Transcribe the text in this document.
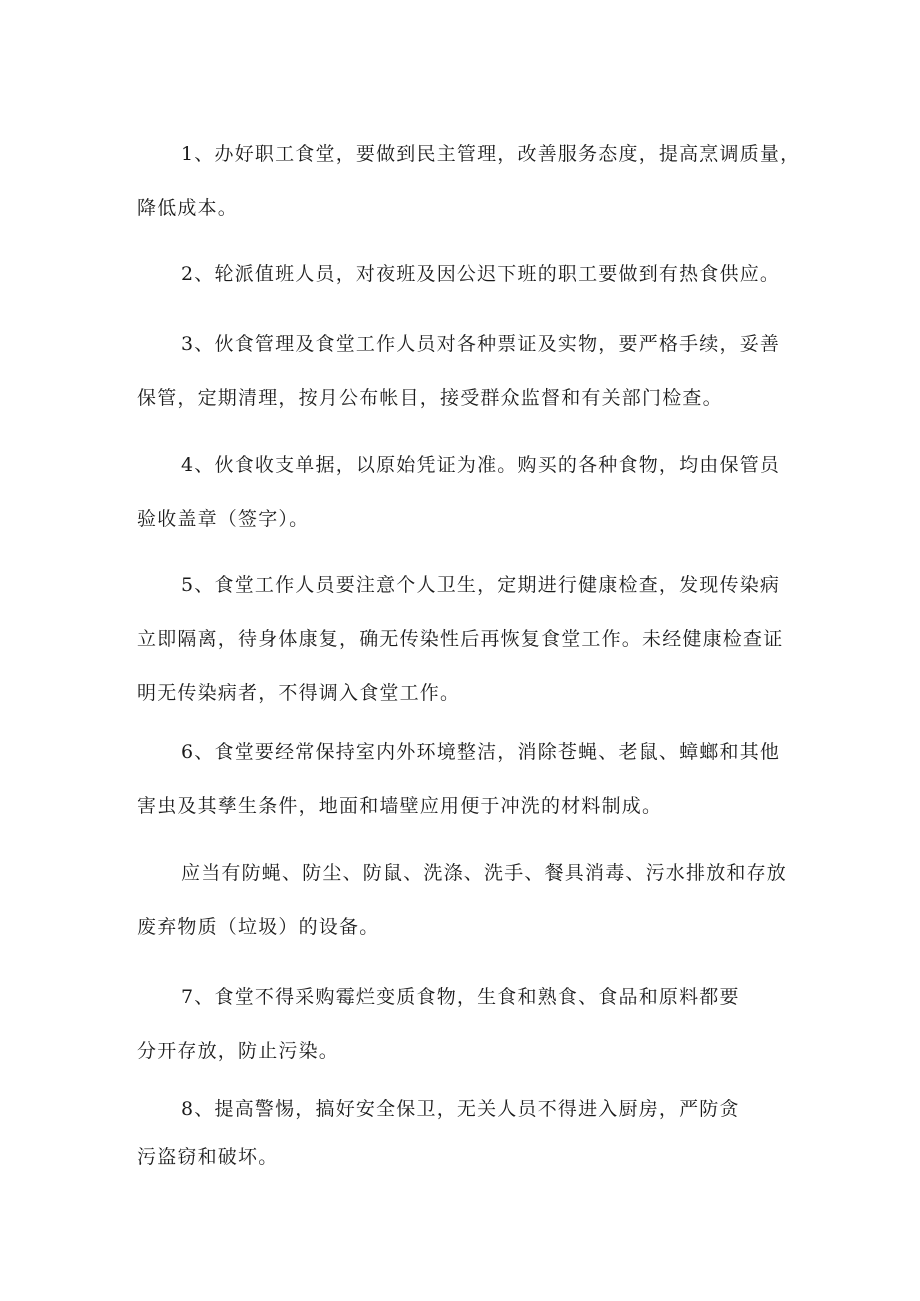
1、办好职工食堂，要做到民主管理，改善服务态度，提高烹调质量，
降低成本。

2、轮派值班人员，对夜班及因公迟下班的职工要做到有热食供应。

3、伙食管理及食堂工作人员对各种票证及实物，要严格手续，妥善
保管，定期清理，按月公布帐目，接受群众监督和有关部门检查。

4、伙食收支单据，以原始凭证为准。购买的各种食物，均由保管员
验收盖章（签字）。

5、食堂工作人员要注意个人卫生，定期进行健康检查，发现传染病
立即隔离，待身体康复，确无传染性后再恢复食堂工作。未经健康检查证
明无传染病者，不得调入食堂工作。

6、食堂要经常保持室内外环境整洁，消除苍蝇、老鼠、蟑螂和其他
害虫及其孳生条件，地面和墙壁应用便于冲洗的材料制成。

应当有防蝇、防尘、防鼠、洗涤、洗手、餐具消毒、污水排放和存放
废弃物质（垃圾）的设备。

7、食堂不得采购霉烂变质食物，生食和熟食、食品和原料都要
分开存放，防止污染。

8、提高警惕，搞好安全保卫，无关人员不得进入厨房，严防贪
污盗窃和破坏。
